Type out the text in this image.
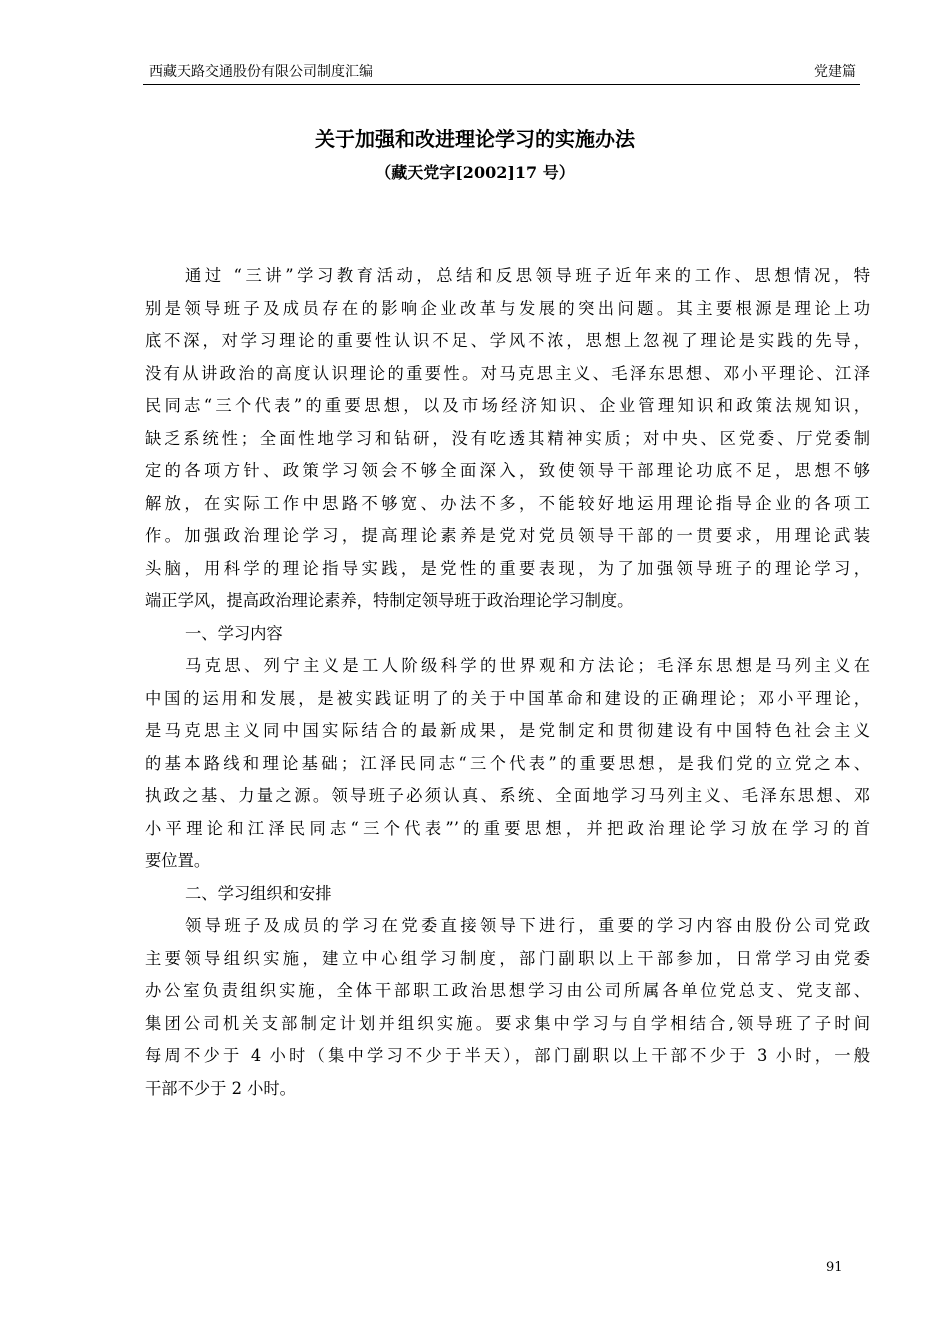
西藏天路交通股份有限公司制度汇编	党建篇
关于加强和改进理论学习的实施办法
（藏天党字[2002]17 号）
通过 “三讲”学习教育活动，总结和反思领导班子近年来的工作、思想情况，特
别是领导班子及成员存在的影响企业改革与发展的突出问题。其主要根源是理论上功
底不深，对学习理论的重要性认识不足、学风不浓，思想上忽视了理论是实践的先导，
没有从讲政治的高度认识理论的重要性。对马克思主义、毛泽东思想、邓小平理论、江泽
民同志“三个代表”的重要思想，以及市场经济知识、企业管理知识和政策法规知识，
缺乏系统性；全面性地学习和钻研，没有吃透其精神实质；对中央、区党委、厅党委制
定的各项方针、政策学习领会不够全面深入，致使领导干部理论功底不足，思想不够
解放，在实际工作中思路不够宽、办法不多，不能较好地运用理论指导企业的各项工
作。加强政治理论学习，提高理论素养是党对党员领导干部的一贯要求，用理论武装
头脑，用科学的理论指导实践，是党性的重要表现，为了加强领导班子的理论学习，
端正学风，提高政治理论素养，特制定领导班于政治理论学习制度。
一、学习内容
马克思、列宁主义是工人阶级科学的世界观和方法论；毛泽东思想是马列主义在
中国的运用和发展，是被实践证明了的关于中国革命和建设的正确理论；邓小平理论，
是马克思主义同中国实际结合的最新成果，是党制定和贯彻建设有中国特色社会主义
的基本路线和理论基础；江泽民同志“三个代表”的重要思想，是我们党的立党之本、
执政之基、力量之源。领导班子必须认真、系统、全面地学习马列主义、毛泽东思想、邓
小平理论和江泽民同志“三个代表”’的重要思想，并把政治理论学习放在学习的首
要位置。
二、学习组织和安排
领导班子及成员的学习在党委直接领导下进行，重要的学习内容由股份公司党政
主要领导组织实施，建立中心组学习制度，部门副职以上干部参加，日常学习由党委
办公室负责组织实施，全体干部职工政治思想学习由公司所属各单位党总支、党支部、
集团公司机关支部制定计划并组织实施。要求集中学习与自学相结合,领导班了子时间
每周不少于 4 小时（集中学习不少于半天），部门副职以上干部不少于 3 小时，一般
干部不少于 2 小时。
91
